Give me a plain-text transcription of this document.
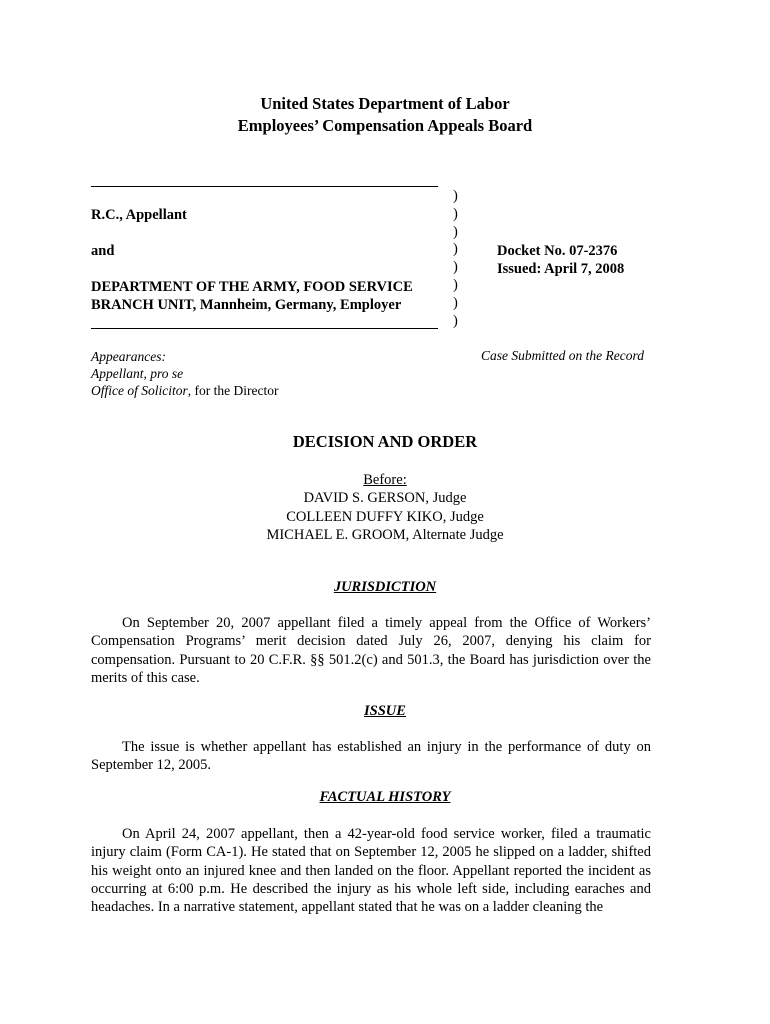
United States Department of Labor
Employees’ Compensation Appeals Board
R.C., Appellant
and
DEPARTMENT OF THE ARMY, FOOD SERVICE
BRANCH UNIT, Mannheim, Germany, Employer
)
)
)
)
)
)
)
)
Docket No. 07-2376
Issued: April 7, 2008
Appearances:
Appellant, pro se
Office of Solicitor, for the Director
Case Submitted on the Record
DECISION AND ORDER
Before:
DAVID S. GERSON, Judge
COLLEEN DUFFY KIKO, Judge
MICHAEL E. GROOM, Alternate Judge
JURISDICTION
On September 20, 2007 appellant filed a timely appeal from the Office of Workers’ Compensation Programs’ merit decision dated July 26, 2007, denying his claim for compensation. Pursuant to 20 C.F.R. §§ 501.2(c) and 501.3, the Board has jurisdiction over the merits of this case.
ISSUE
The issue is whether appellant has established an injury in the performance of duty on September 12, 2005.
FACTUAL HISTORY
On April 24, 2007 appellant, then a 42-year-old food service worker, filed a traumatic injury claim (Form CA-1). He stated that on September 12, 2005 he slipped on a ladder, shifted his weight onto an injured knee and then landed on the floor. Appellant reported the incident as occurring at 6:00 p.m. He described the injury as his whole left side, including earaches and headaches. In a narrative statement, appellant stated that he was on a ladder cleaning the
